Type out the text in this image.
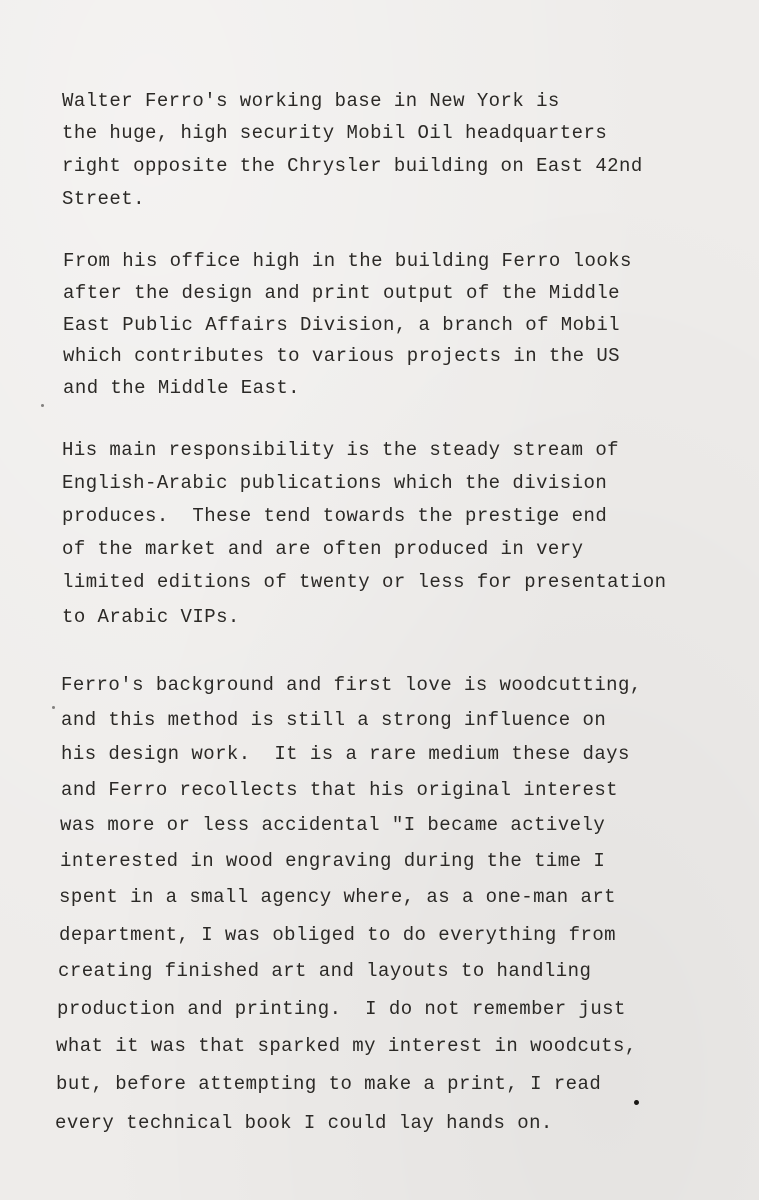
Walter Ferro's working base in New York is
the huge, high security Mobil Oil headquarters
right opposite the Chrysler building on East 42nd
Street.
From his office high in the building Ferro looks
after the design and print output of the Middle
East Public Affairs Division, a branch of Mobil
which contributes to various projects in the US
and the Middle East.
His main responsibility is the steady stream of
English-Arabic publications which the division
produces.  These tend towards the prestige end
of the market and are often produced in very
limited editions of twenty or less for presentation
to Arabic VIPs.
Ferro's background and first love is woodcutting,
and this method is still a strong influence on
his design work.  It is a rare medium these days
and Ferro recollects that his original interest
was more or less accidental "I became actively
interested in wood engraving during the time I
spent in a small agency where, as a one-man art
department, I was obliged to do everything from
creating finished art and layouts to handling
production and printing.  I do not remember just
what it was that sparked my interest in woodcuts,
but, before attempting to make a print, I read
every technical book I could lay hands on.
